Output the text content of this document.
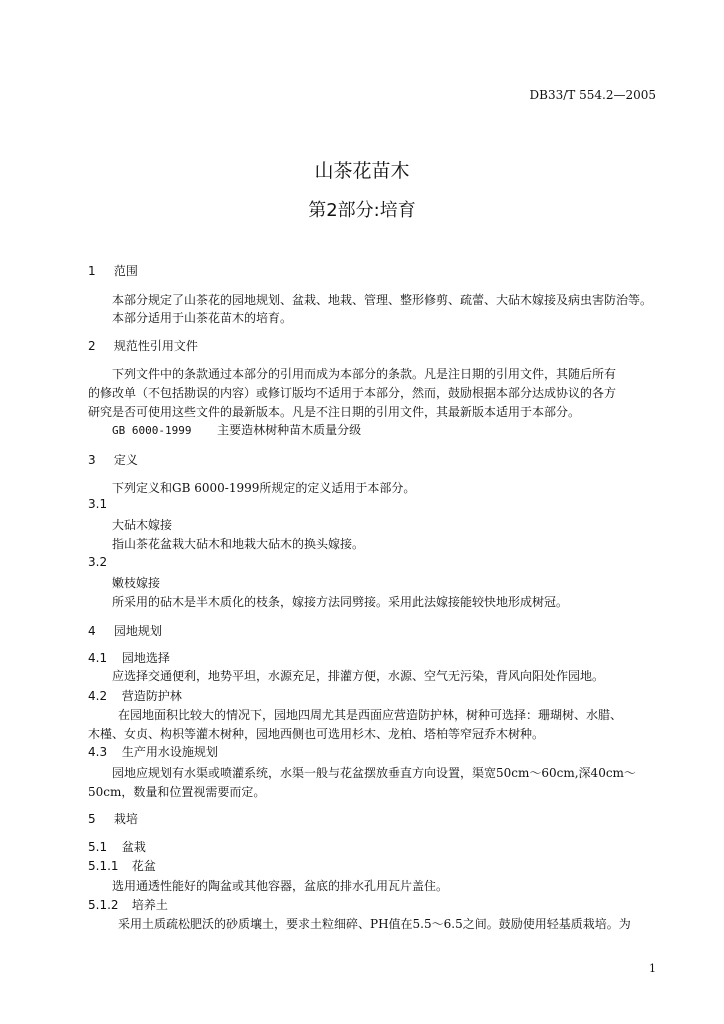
DB33/T 554.2—2005
山茶花苗木
第2部分:培育
1 范围
本部分规定了山茶花的园地规划、盆栽、地栽、管理、整形修剪、疏蕾、大砧木嫁接及病虫害防治等。
本部分适用于山茶花苗木的培育。
2 规范性引用文件
下列文件中的条款通过本部分的引用而成为本部分的条款。凡是注日期的引用文件，其随后所有
的修改单（不包括勘误的内容）或修订版均不适用于本部分，然而，鼓励根据本部分达成协议的各方
研究是否可使用这些文件的最新版本。凡是不注日期的引用文件，其最新版本适用于本部分。
GB 6000-1999 主要造林树种苗木质量分级
3 定义
下列定义和GB 6000-1999所规定的定义适用于本部分。
3.1
大砧木嫁接
指山茶花盆栽大砧木和地栽大砧木的换头嫁接。
3.2
嫩枝嫁接
所采用的砧木是半木质化的枝条，嫁接方法同劈接。采用此法嫁接能较快地形成树冠。
4 园地规划
4.1 园地选择
应选择交通便利，地势平坦，水源充足，排灌方便，水源、空气无污染，背风向阳处作园地。
4.2 营造防护林
在园地面积比较大的情况下，园地四周尤其是西面应营造防护林，树种可选择：珊瑚树、水腊、
木槿、女贞、构枳等灌木树种，园地西侧也可选用杉木、龙柏、塔柏等窄冠乔木树种。
4.3 生产用水设施规划
园地应规划有水渠或喷灌系统，水渠一般与花盆摆放垂直方向设置，渠宽50cm～60cm,深40cm～
50cm，数量和位置视需要而定。
5 栽培
5.1 盆栽
5.1.1 花盆
选用通透性能好的陶盆或其他容器，盆底的排水孔用瓦片盖住。
5.1.2 培养土
采用土质疏松肥沃的砂质壤土，要求土粒细碎、PH值在5.5～6.5之间。鼓励使用轻基质栽培。为
1
